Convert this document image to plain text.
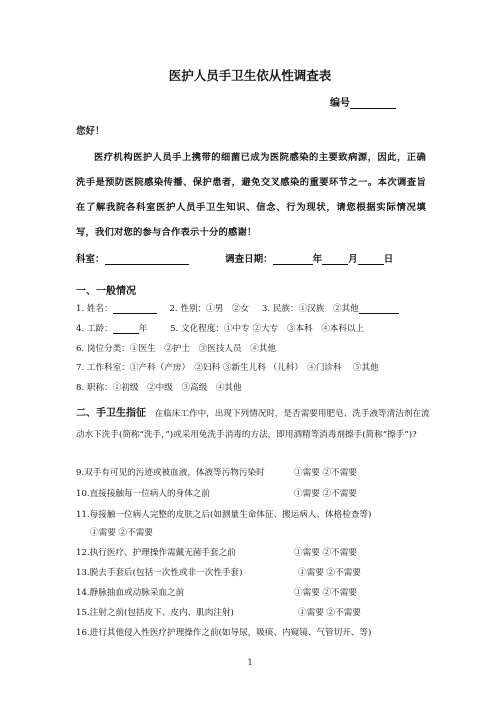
医护人员手卫生依从性调查表
编号
您好！
医疗机构医护人员手上携带的细菌已成为医院感染的主要致病源，因此，正确洗手是预防医院感染传播、保护患者，避免交叉感染的重要环节之一。本次调查旨在了解我院各科室医护人员手卫生知识、信念、行为现状，请您根据实际情况填写，我们对您的参与合作表示十分的感谢！
科室：	调查日期：	年	月	日
一、一般情况
1. 姓名：	2. 性别：①男　②女 3. 民族：①汉族　②其他
4. 工龄：	年	5. 文化程度：①中专 ②大专　③本科　④本科以上
6. 岗位分类：①医生　②护士　③医技人员　④其他
7. 工作科室：①产科（产房）　②妇科 ③新生儿科 （儿科）　④门诊科　 ⑤其他
8. 职称：①初级　②中级　③高级　④其他
二、手卫生指征　 在临床工作中，出现下列情况时，是否需要用肥皂、洗手液等清洁剂在流动水下洗手(简称“洗手，”)或采用免洗手消毒的方法，即用酒精等消毒剂擦手(简称“擦手”)?
9.双手有可见的污迹或被血液，体液等污物污染时	①需要 ②不需要
10.直接接触每一位病人的身体之前	①需要 ②不需要
11.每接触一位病人完整的皮肤之后(如测量生命体征、搬运病人、体格检查等)
①需要 ②不需要
12.执行医疗、护理操作需戴无菌手套之前	①需要 ②不需要
13.脱去手套后(包括一次性或非一次性手套)	①需要 ②不需要
14.静脉抽血或动脉采血之前	①需要 ②不需要
15.注射之前(包括皮下、皮内、肌肉注射)	①需要 ②不需要
16.进行其他侵入性医疗护理操作之前(如导尿，吸痰、内窥镜、气管切开、等)
1
